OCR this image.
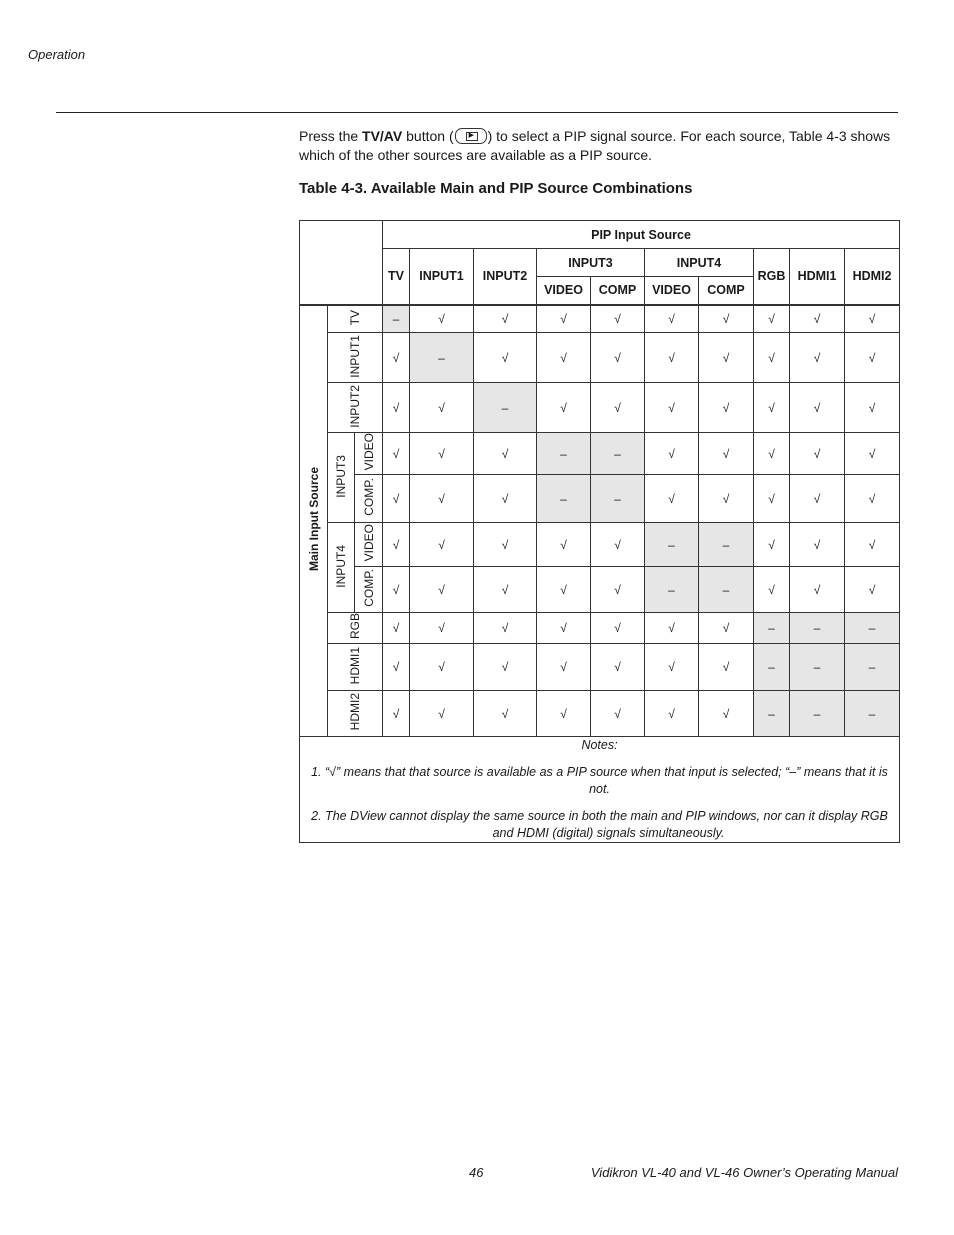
Operation
Press the TV/AV button ( ▶ ) to select a PIP signal source. For each source, Table 4-3 shows which of the other sources are available as a PIP source.
Table 4-3. Available Main and PIP Source Combinations
			PIP Input Source									
			TV	INPUT1	INPUT2	INPUT3		INPUT4		RGB	HDMI1	HDMI2
						VIDEO	COMP	VIDEO	COMP			
Main Input Source	TV		–	√	√	√	√	√	√	√	√	√
	INPUT1		√	–	√	√	√	√	√	√	√	√
	INPUT2		√	√	–	√	√	√	√	√	√	√
	INPUT3	VIDEO	√	√	√	–	–	√	√	√	√	√
		COMP.	√	√	√	–	–	√	√	√	√	√
	INPUT4	VIDEO	√	√	√	√	√	–	–	√	√	√
		COMP.	√	√	√	√	√	–	–	√	√	√
	RGB		√	√	√	√	√	√	√	–	–	–
	HDMI1		√	√	√	√	√	√	√	–	–	–
	HDMI2		√	√	√	√	√	√	√	–	–	–

Notes:

1. “√” means that that source is available as a PIP source when that input is selected; “–” means that it is not.

2. The DView cannot display the same source in both the main and PIP windows, nor can it display RGB and HDMI (digital) signals simultaneously.												

46	Vidikron VL-40 and VL-46 Owner’s Operating Manual
